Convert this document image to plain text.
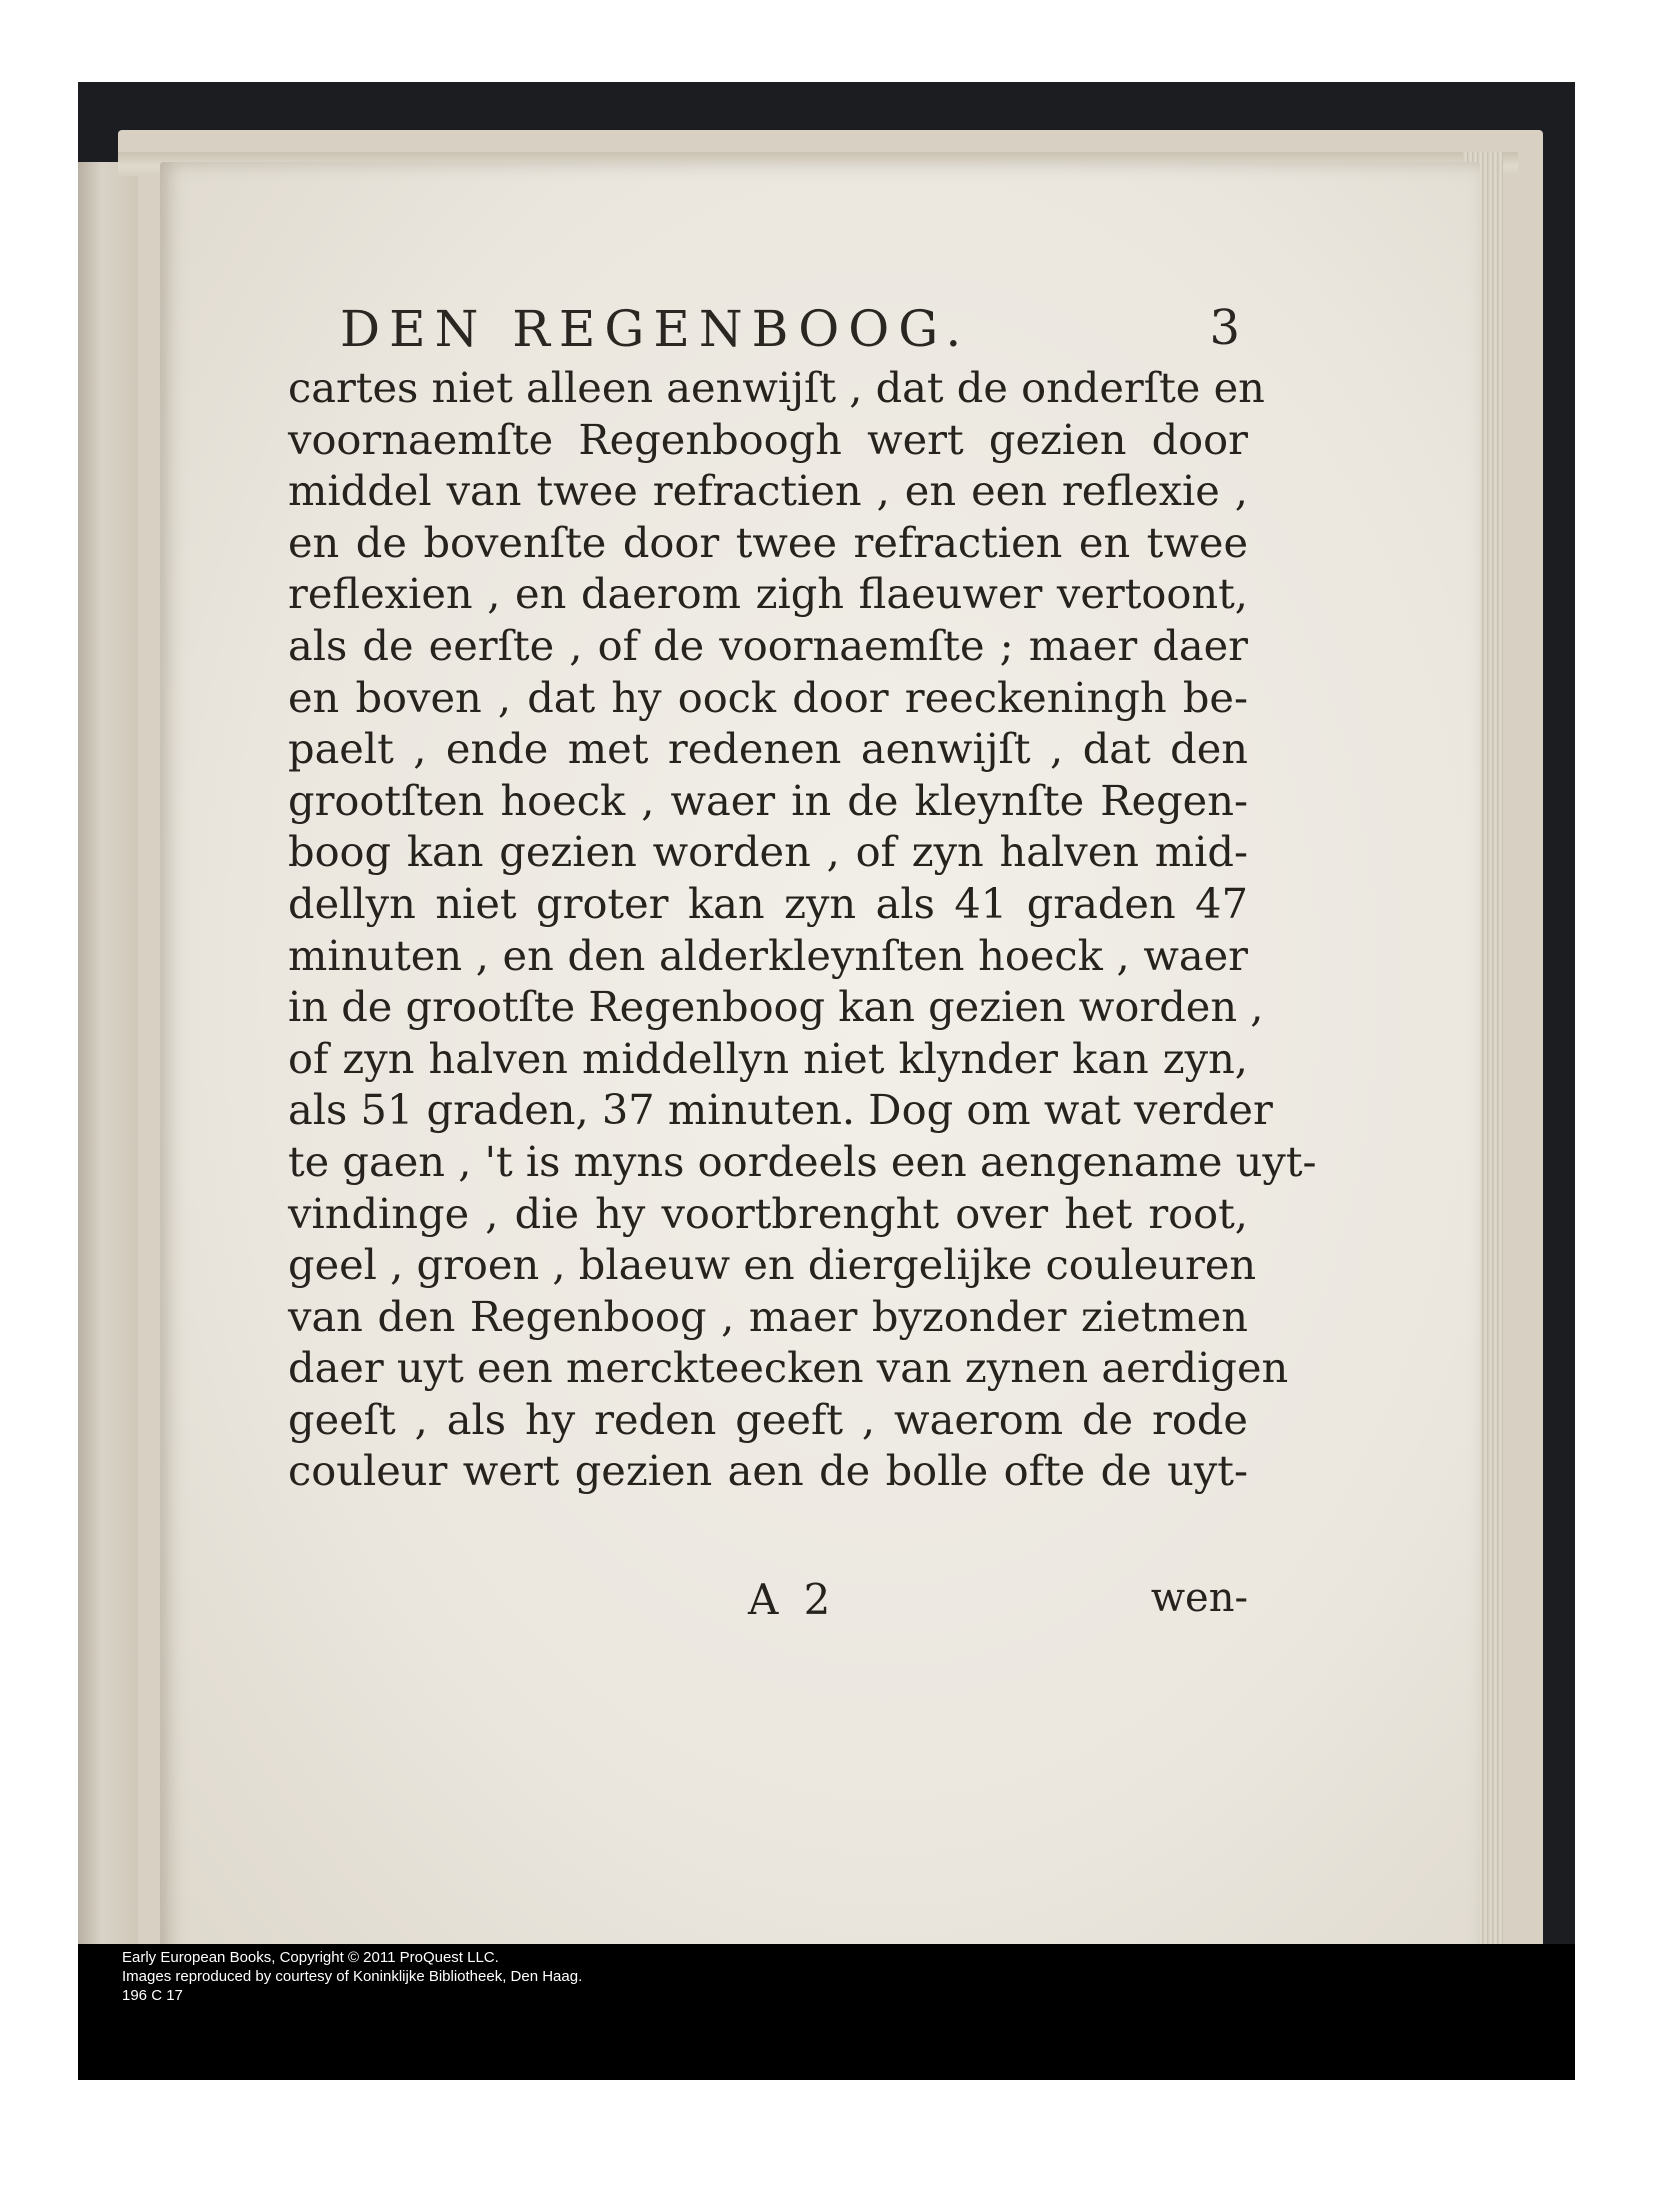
DEN REGENBOOG.	3
cartes niet alleen aenwijſt , dat de onderſte en
voornaemſte Regenboogh wert gezien door
middel van twee refractien , en een reflexie ,
en de bovenſte door twee refractien en twee
reflexien , en daerom zigh flaeuwer vertoont,
als de eerſte , of de voornaemſte ; maer daer
en boven , dat hy oock door reeckeningh be-
paelt , ende met redenen aenwijſt , dat den
grootſten hoeck , waer in de kleynſte Regen-
boog kan gezien worden , of zyn halven mid-
dellyn niet groter kan zyn als 41 graden 47
minuten , en den alderkleynſten hoeck , waer
in de grootſte Regenboog kan gezien worden ,
of zyn halven middellyn niet klynder kan zyn,
als 51 graden, 37 minuten. Dog om wat verder
te gaen , 't is myns oordeels een aengename uyt-
vindinge , die hy voortbrenght over het root,
geel , groen , blaeuw en diergelijke couleuren
van den Regenboog , maer byzonder zietmen
daer uyt een merckteecken van zynen aerdigen
geeſt , als hy reden geeft , waerom de rode
couleur wert gezien aen de bolle ofte de uyt-
A 2	wen-
Early European Books, Copyright © 2011 ProQuest LLC.
Images reproduced by courtesy of Koninklijke Bibliotheek, Den Haag.
196 C 17
